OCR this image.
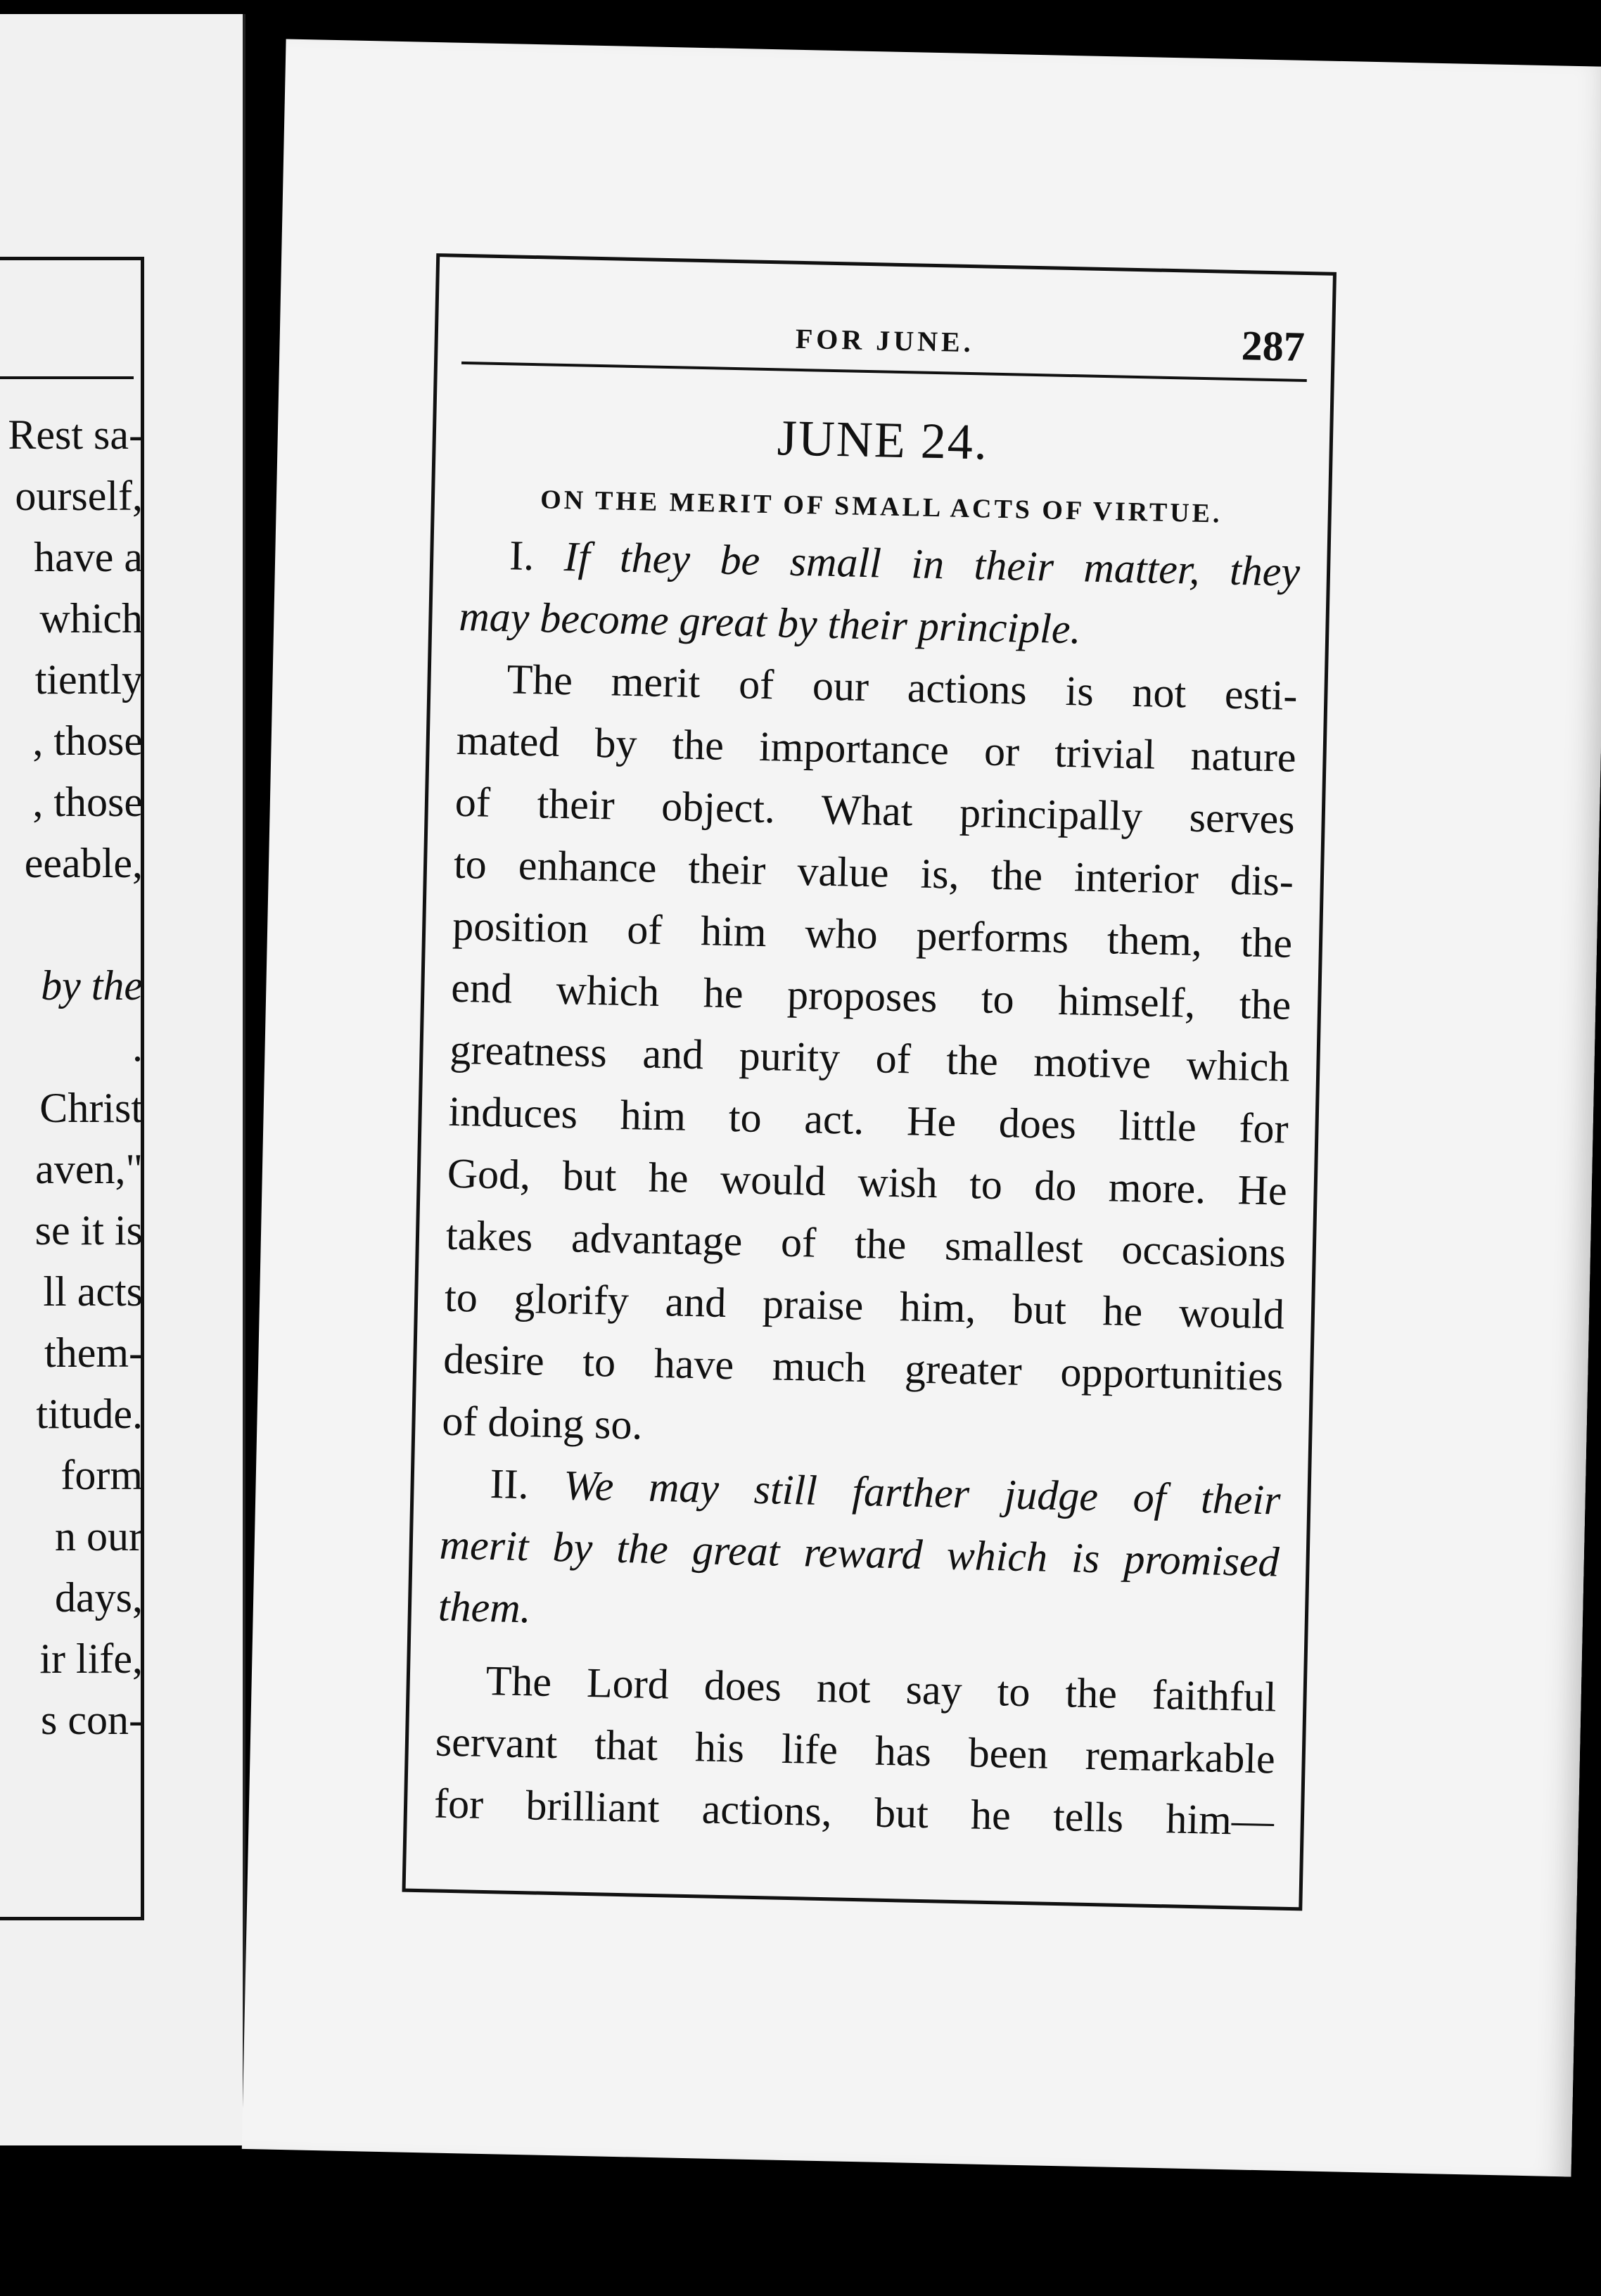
Rest sa-
ourself,
have a
which
tiently
, those
, those
eeable,
by the
.
Christ
aven,"
se it is
ll acts
them-
titude.
form
n our
days,
ir life,
s con-
FOR JUNE.	287
JUNE 24.
ON THE MERIT OF SMALL ACTS OF VIRTUE.
I. If they be small in their matter, they
may become great by their principle.
The merit of our actions is not esti-
mated by the importance or trivial nature
of their object. What principally serves
to enhance their value is, the interior dis-
position of him who performs them, the
end which he proposes to himself, the
greatness and purity of the motive which
induces him to act. He does little for
God, but he would wish to do more. He
takes advantage of the smallest occasions
to glorify and praise him, but he would
desire to have much greater opportunities
of doing so.
II. We may still farther judge of their
merit by the great reward which is promised
them.
The Lord does not say to the faithful
servant that his life has been remarkable
for brilliant actions, but he tells him—
